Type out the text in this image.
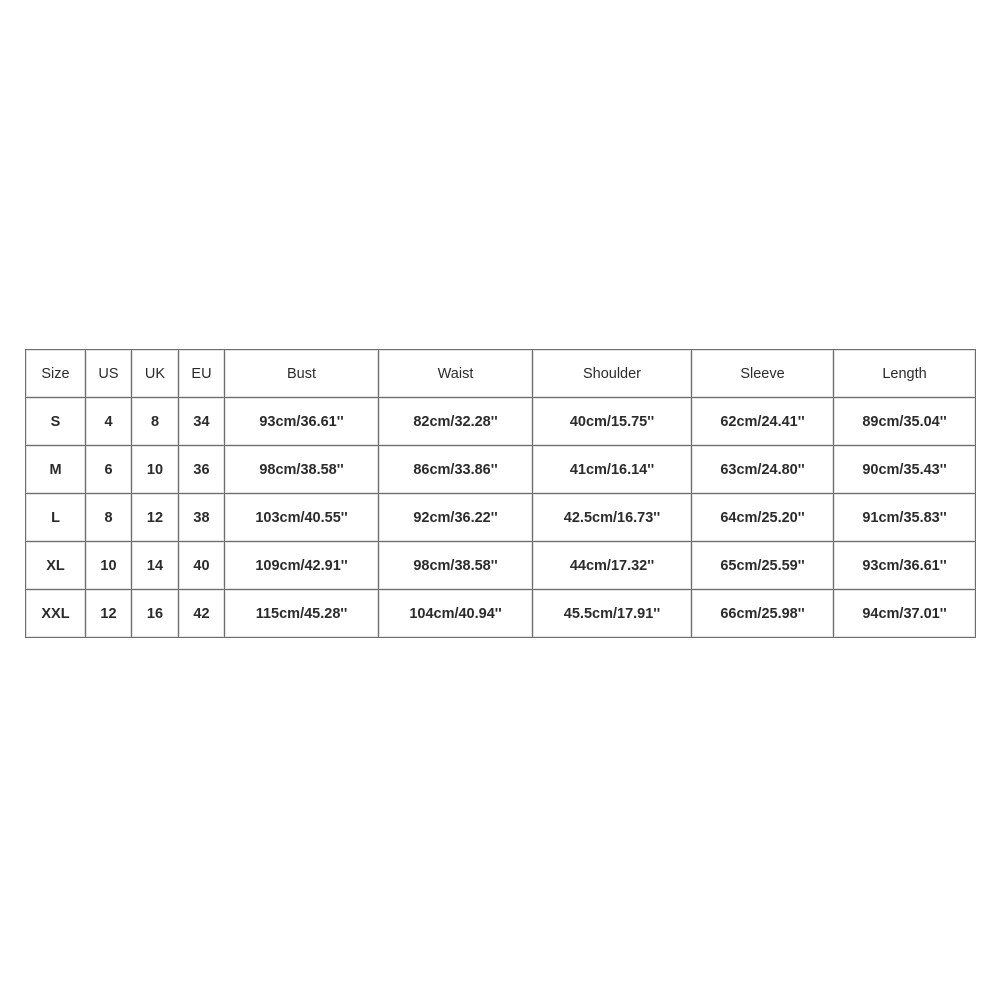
Size	US	UK	EU	Bust	Waist	Shoulder	Sleeve	Length
S	4	8	34	93cm/36.61''	82cm/32.28''	40cm/15.75''	62cm/24.41''	89cm/35.04''
M	6	10	36	98cm/38.58''	86cm/33.86''	41cm/16.14''	63cm/24.80''	90cm/35.43''
L	8	12	38	103cm/40.55''	92cm/36.22''	42.5cm/16.73''	64cm/25.20''	91cm/35.83''
XL	10	14	40	109cm/42.91''	98cm/38.58''	44cm/17.32''	65cm/25.59''	93cm/36.61''
XXL	12	16	42	115cm/45.28''	104cm/40.94''	45.5cm/17.91''	66cm/25.98''	94cm/37.01''
